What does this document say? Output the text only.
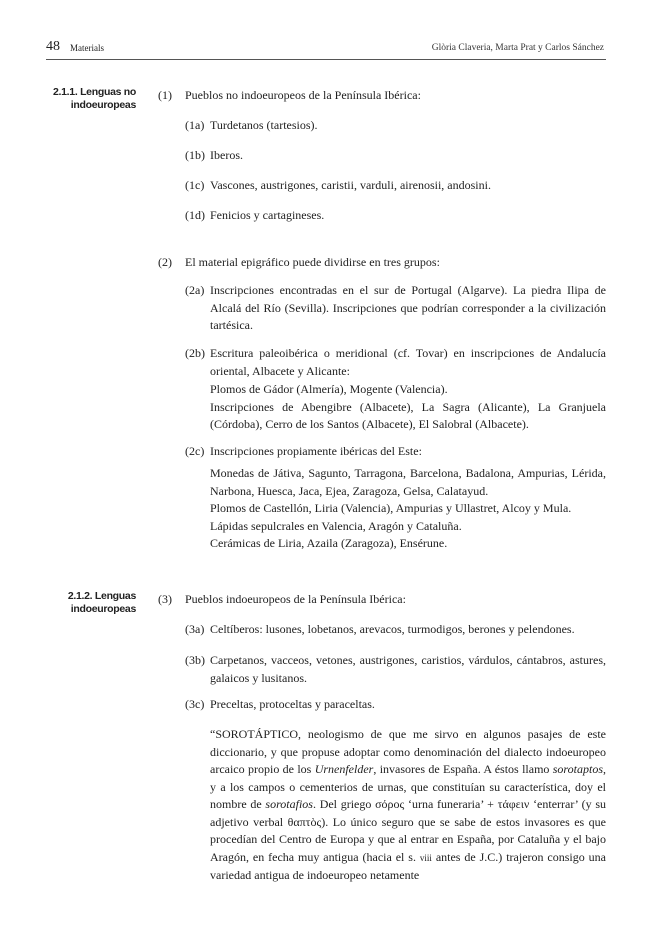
48 Materials	Glòria Claveria, Marta Prat y Carlos Sánchez
2.1.1. Lenguas no
indoeuropeas
2.1.2. Lenguas
indoeuropeas
(1) Pueblos no indoeuropeos de la Península Ibérica:
(1a) Turdetanos (tartesios).
(1b) Iberos.
(1c) Vascones, austrigones, caristii, varduli, airenosii, andosini.
(1d) Fenicios y cartagineses.
(2) El material epigráfico puede dividirse en tres grupos:
(2a) Inscripciones encontradas en el sur de Portugal (Algarve). La piedra Ilipa de Alcalá del Río (Sevilla). Inscripciones que podrían corresponder a la civilización tartésica.
(2b) Escritura paleoibérica o meridional (cf. Tovar) en inscripciones de Andalucía oriental, Albacete y Alicante:
Plomos de Gádor (Almería), Mogente (Valencia).
Inscripciones de Abengibre (Albacete), La Sagra (Alicante), La Granjuela (Córdoba), Cerro de los Santos (Albacete), El Salobral (Albacete).
(2c) Inscripciones propiamente ibéricas del Este:
Monedas de Játiva, Sagunto, Tarragona, Barcelona, Badalona, Ampurias, Lérida, Narbona, Huesca, Jaca, Ejea, Zaragoza, Gelsa, Calatayud.
Plomos de Castellón, Liria (Valencia), Ampurias y Ullastret, Alcoy y Mula.
Lápidas sepulcrales en Valencia, Aragón y Cataluña.
Cerámicas de Liria, Azaila (Zaragoza), Ensérune.
(3) Pueblos indoeuropeos de la Península Ibérica:
(3a) Celtíberos: lusones, lobetanos, arevacos, turmodigos, berones y pelendones.
(3b) Carpetanos, vacceos, vetones, austrigones, caristios, várdulos, cántabros, astures, galaicos y lusitanos.
(3c) Preceltas, protoceltas y paraceltas.
“SOROTÁPTICO, neologismo de que me sirvo en algunos pasajes de este diccionario, y que propuse adoptar como denominación del dialecto indoeuropeo arcaico propio de los Urnenfelder, invasores de España. A éstos llamo sorotaptos, y a los campos o cementerios de urnas, que constituían su característica, doy el nombre de sorotafios. Del griego σόρος ‘urna funeraria’ + τάφειν ‘enterrar’ (y su adjetivo verbal θαπτὸς). Lo único seguro que se sabe de estos invasores es que procedían del Centro de Europa y que al entrar en España, por Cataluña y el bajo Aragón, en fecha muy antigua (hacia el s. viii antes de J.C.) trajeron consigo una variedad antigua de indoeuropeo netamente
